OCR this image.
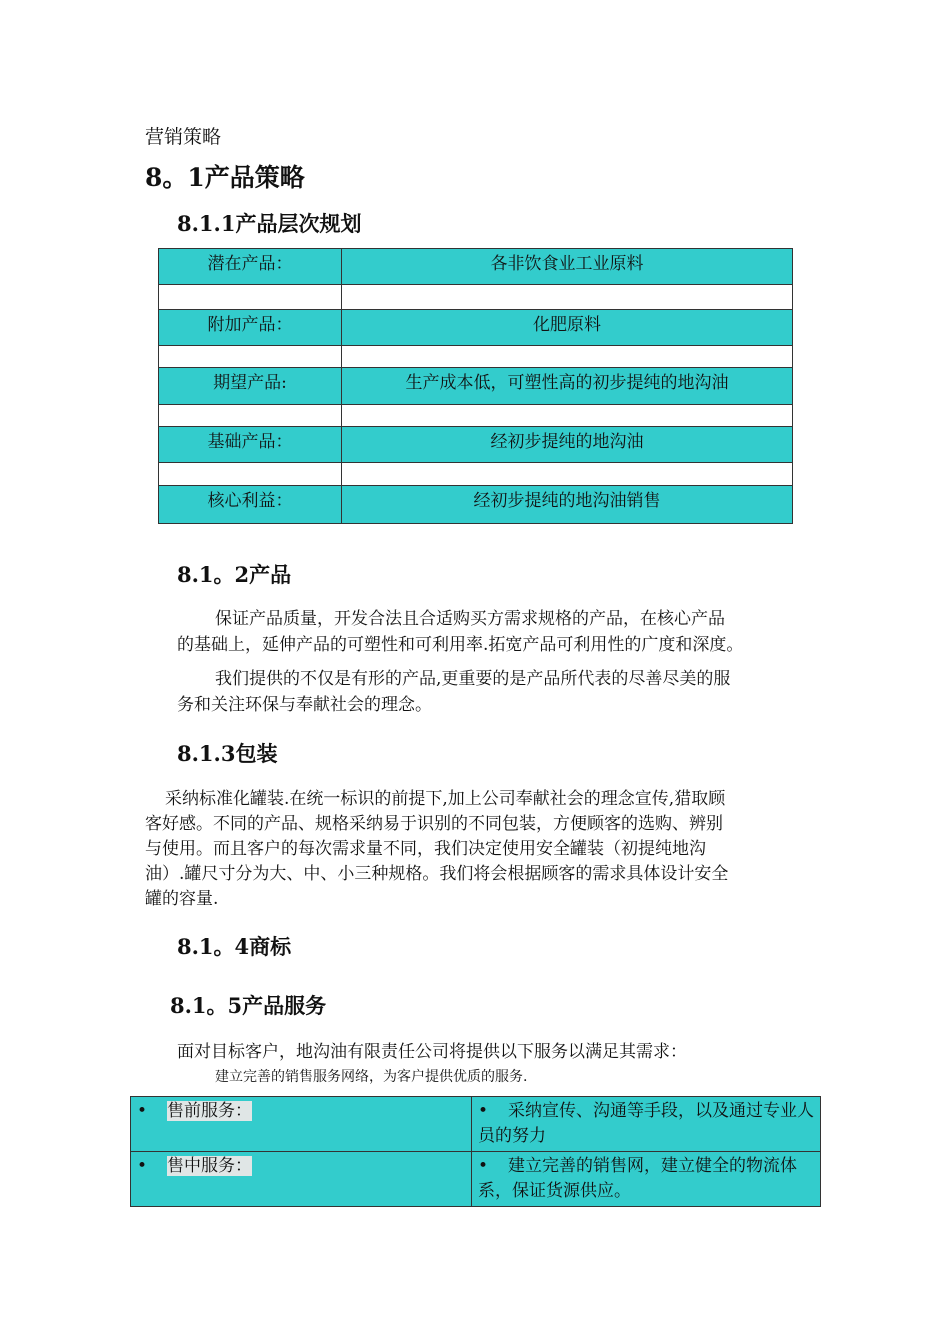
营销策略
8。1产品策略
8.1.1产品层次规划
潜在产品：	各非饮食业工业原料

附加产品：	化肥原料

期望产品:	生产成本低，可塑性高的初步提纯的地沟油

基础产品：	经初步提纯的地沟油

核心利益：	经初步提纯的地沟油销售
8.1。2产品
保证产品质量，开发合法且合适购买方需求规格的产品，在核心产品
的基础上，延伸产品的可塑性和可利用率.拓宽产品可利用性的广度和深度。
我们提供的不仅是有形的产品,更重要的是产品所代表的尽善尽美的服
务和关注环保与奉献社会的理念。
8.1.3包装
采纳标准化罐装.在统一标识的前提下,加上公司奉献社会的理念宣传,猎取顾
客好感。不同的产品、规格采纳易于识别的不同包装，方便顾客的选购、辨别
与使用。而且客户的每次需求量不同，我们决定使用安全罐装（初提纯地沟
油）.罐尺寸分为大、中、小三种规格。我们将会根据顾客的需求具体设计安全
罐的容量.
8.1。4商标
8.1。5产品服务
面对目标客户，地沟油有限责任公司将提供以下服务以满足其需求：
建立完善的销售服务网络，为客户提供优质的服务.
• 售前服务：	• 采纳宣传、沟通等手段，以及通过专业人员的努力
• 售中服务：	• 建立完善的销售网，建立健全的物流体系，保证货源供应。
